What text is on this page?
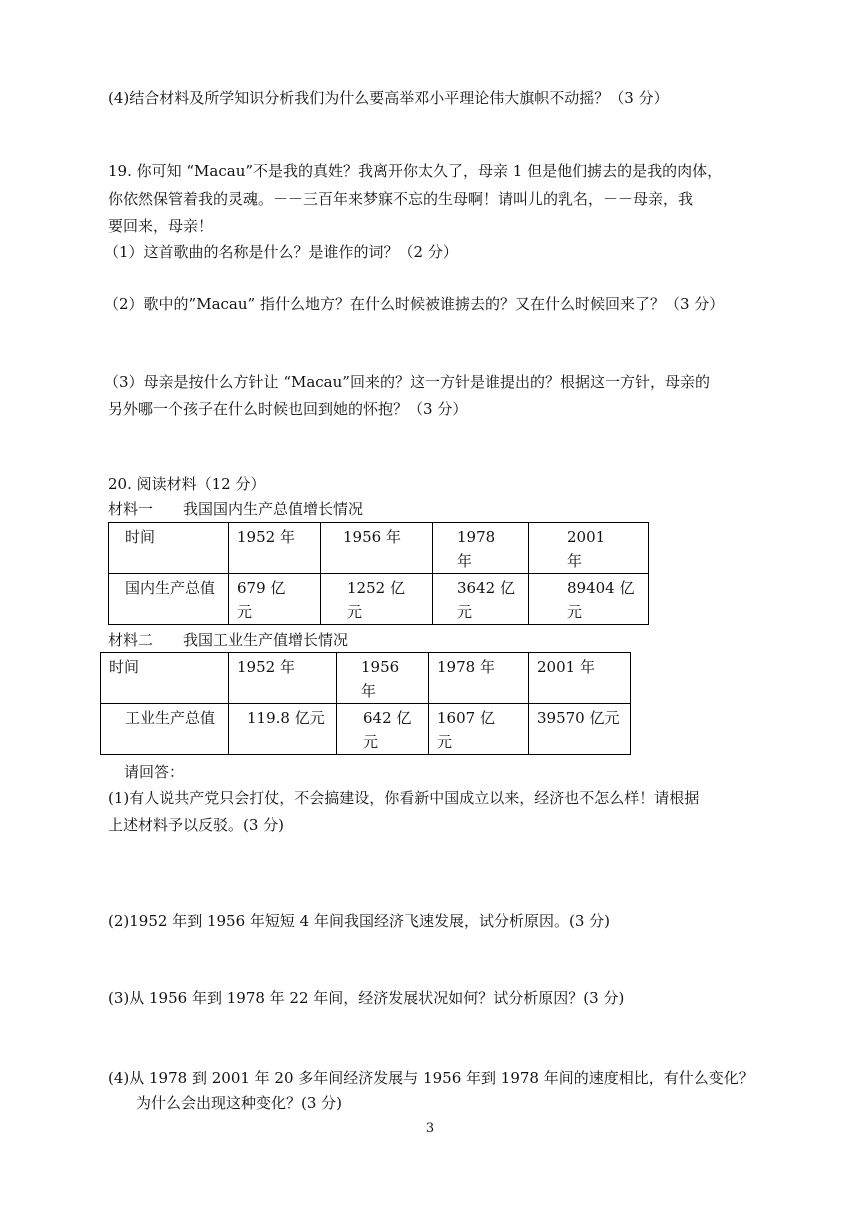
(4)结合材料及所学知识分析我们为什么要高举邓小平理论伟大旗帜不动摇？（3 分）
19. 你可知 “Macau”不是我的真姓？我离开你太久了，母亲 1 但是他们掳去的是我的肉体，
你依然保管着我的灵魂。－－三百年来梦寐不忘的生母啊！请叫儿的乳名，－－母亲，我
要回来，母亲！
（1）这首歌曲的名称是什么？是谁作的词？（2 分）
（2）歌中的”Macau” 指什么地方？在什么时候被谁掳去的？又在什么时候回来了？（3 分）
（3）母亲是按什么方针让 “Macau”回来的？这一方针是谁提出的？根据这一方针，母亲的
另外哪一个孩子在什么时候也回到她的怀抱？（3 分）
20. 阅读材料（12 分）
材料一　　我国国内生产总值增长情况
时间	1952 年	1956 年	1978 年	2001 年
国内生产总值	679 亿元	1252 亿元	3642 亿元	89404 亿元
材料二　　我国工业生产值增长情况
时间	1952 年	1956 年	1978 年	2001 年
工业生产总值	119.8 亿元	642 亿元	1607 亿元	39570 亿元
请回答：
(1)有人说共产党只会打仗，不会搞建设，你看新中国成立以来，经济也不怎么样！请根据
上述材料予以反驳。(3 分)
(2)1952 年到 1956 年短短 4 年间我国经济飞速发展，试分析原因。(3 分)
(3)从 1956 年到 1978 年 22 年间，经济发展状况如何？试分析原因？(3 分)
(4)从 1978 到 2001 年 20 多年间经济发展与 1956 年到 1978 年间的速度相比，有什么变化？
为什么会出现这种变化？(3 分)
3
